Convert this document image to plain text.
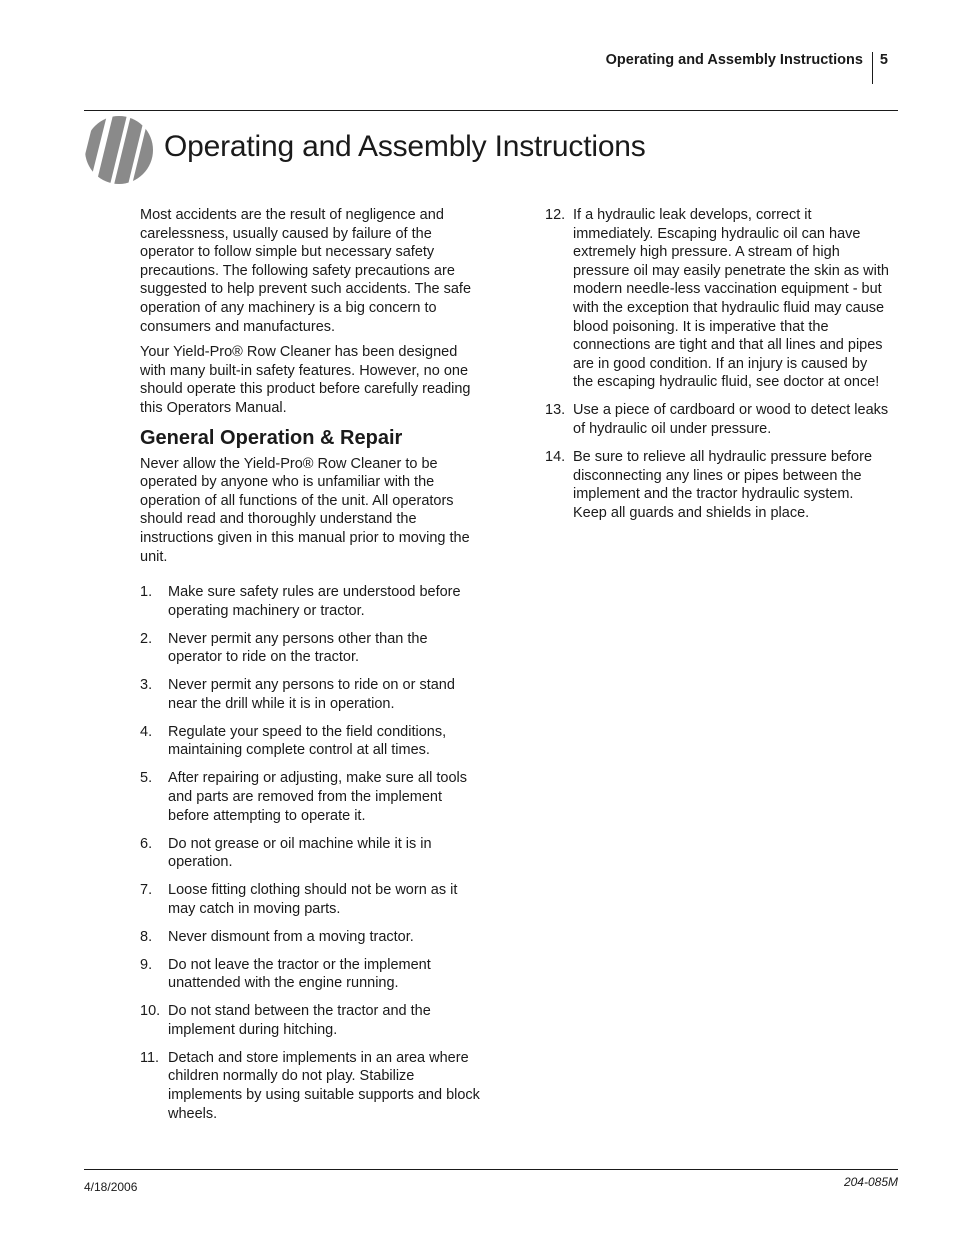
Operating and Assembly Instructions 5
Operating and Assembly Instructions

Most accidents are the result of negligence and carelessness, usually caused by failure of the operator to follow simple but necessary safety precautions. The following safety precautions are suggested to help prevent such accidents. The safe operation of any machinery is a big concern to consumers and manufactures.

Your Yield-Pro® Row Cleaner has been designed with many built-in safety features. However, no one should operate this product before carefully reading this Operators Manual.

General Operation & Repair

Never allow the Yield-Pro® Row Cleaner to be operated by anyone who is unfamiliar with the operation of all functions of the unit. All operators should read and thoroughly understand the instructions given in this manual prior to moving the unit.

1.	Make sure safety rules are understood before operating machinery or tractor.
2.	Never permit any persons other than the operator to ride on the tractor.
3.	Never permit any persons to ride on or stand near the drill while it is in operation.
4.	Regulate your speed to the field conditions, maintaining complete control at all times.
5.	After repairing or adjusting, make sure all tools and parts are removed from the implement before attempting to operate it.
6.	Do not grease or oil machine while it is in operation.
7.	Loose fitting clothing should not be worn as it may catch in moving parts.
8.	Never dismount from a moving tractor.
9.	Do not leave the tractor or the implement unattended with the engine running.
10. Do not stand between the tractor and the implement during hitching.
11. Detach and store implements in an area where children normally do not play. Stabilize implements by using suitable supports and block wheels.
12. If a hydraulic leak develops, correct it immediately. Escaping hydraulic oil can have extremely high pressure. A stream of high pressure oil may easily penetrate the skin as with modern needle-less vaccination equipment - but with the exception that hydraulic fluid may cause blood poisoning. It is imperative that the connections are tight and that all lines and pipes are in good condition. If an injury is caused by the escaping hydraulic fluid, see doctor at once!
13. Use a piece of cardboard or wood to detect leaks of hydraulic oil under pressure.
14. Be sure to relieve all hydraulic pressure before disconnecting any lines or pipes between the implement and the tractor hydraulic system. Keep all guards and shields in place.
4/18/2006	204-085M
